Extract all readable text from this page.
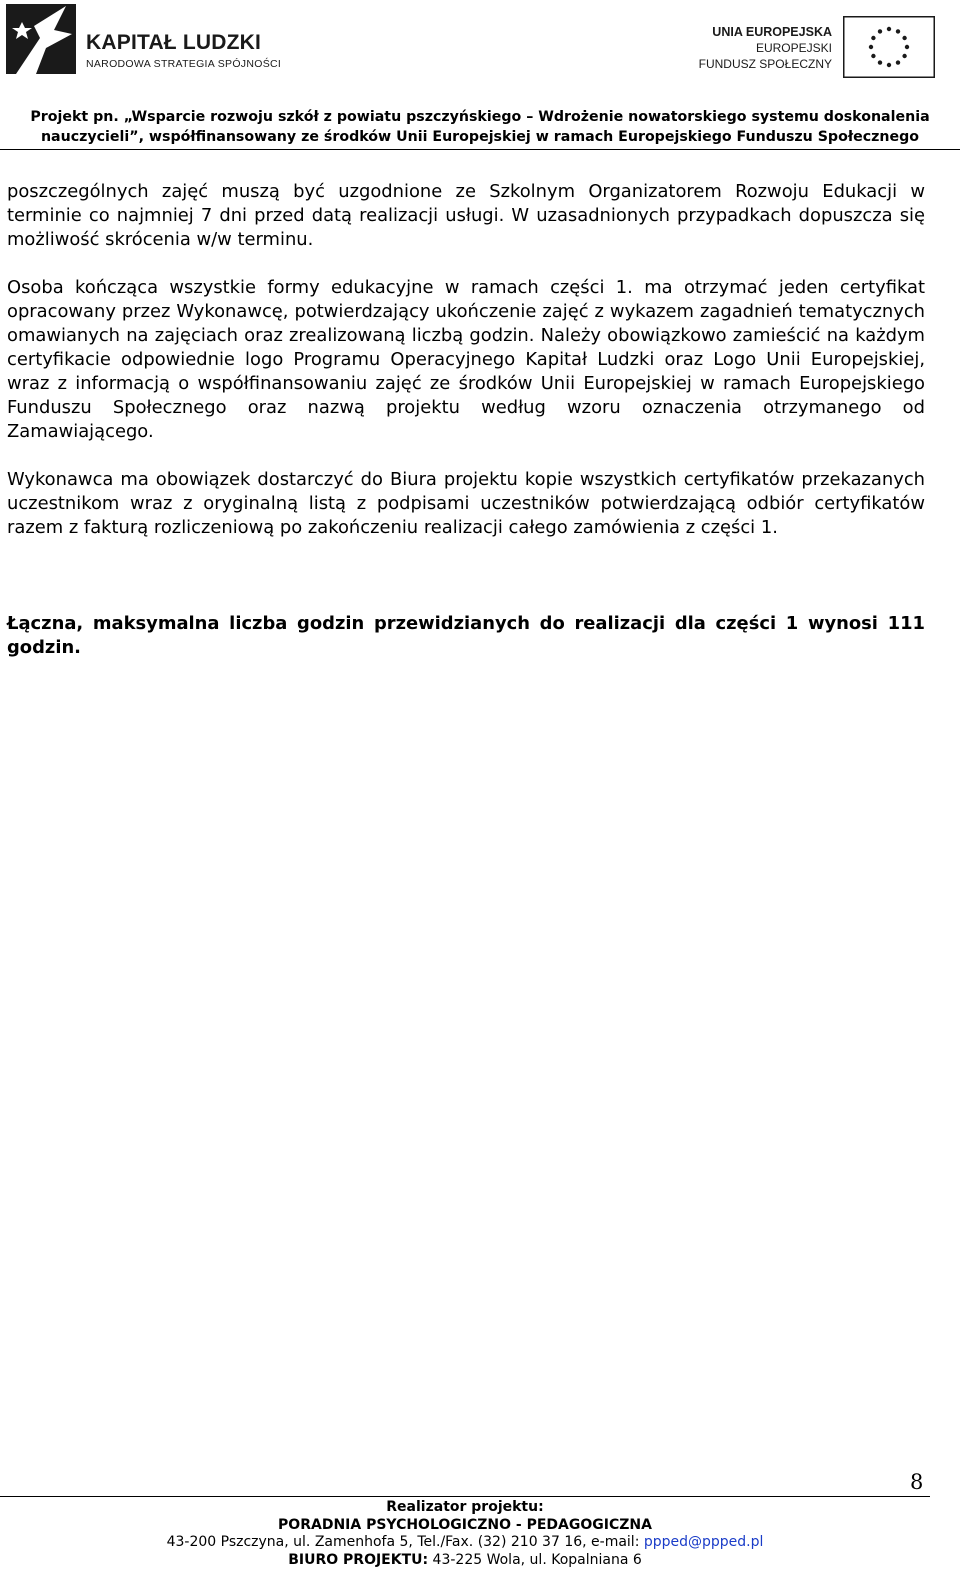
KAPITAŁ LUDZKI
NARODOWA STRATEGIA SPÓJNOŚCI
UNIA EUROPEJSKA
EUROPEJSKI
FUNDUSZ SPOŁECZNY
Projekt pn. „Wsparcie rozwoju szkół z powiatu pszczyńskiego – Wdrożenie nowatorskiego systemu doskonalenia
nauczycieli”, współfinansowany ze środków Unii Europejskiej w ramach Europejskiego Funduszu Społecznego

poszczególnych zajęć muszą być uzgodnione ze Szkolnym Organizatorem Rozwoju Edukacji w terminie co najmniej 7 dni przed datą realizacji usługi. W uzasadnionych przypadkach dopuszcza się możliwość skrócenia w/w terminu.

Osoba kończąca wszystkie formy edukacyjne w ramach części 1. ma otrzymać jeden certyfikat opracowany przez Wykonawcę, potwierdzający ukończenie zajęć z wykazem zagadnień tematycznych omawianych na zajęciach oraz zrealizowaną liczbą godzin. Należy obowiązkowo zamieścić na każdym certyfikacie odpowiednie logo Programu Operacyjnego Kapitał Ludzki oraz Logo Unii Europejskiej, wraz z informacją o współfinansowaniu zajęć ze środków Unii Europejskiej w ramach Europejskiego Funduszu Społecznego oraz nazwą projektu według wzoru oznaczenia otrzymanego od Zamawiającego.

Wykonawca ma obowiązek dostarczyć do Biura projektu kopie wszystkich certyfikatów przekazanych uczestnikom wraz z oryginalną listą z podpisami uczestników potwierdzającą odbiór certyfikatów razem z fakturą rozliczeniową po zakończeniu realizacji całego zamówienia z części 1.

Łączna, maksymalna liczba godzin przewidzianych do realizacji dla części 1 wynosi 111 godzin.

8
Realizator projektu:
PORADNIA PSYCHOLOGICZNO - PEDAGOGICZNA
43-200 Pszczyna, ul. Zamenhofa 5, Tel./Fax. (32) 210 37 16, e-mail: ppped@ppped.pl
BIURO PROJEKTU: 43-225 Wola, ul. Kopalniana 6
